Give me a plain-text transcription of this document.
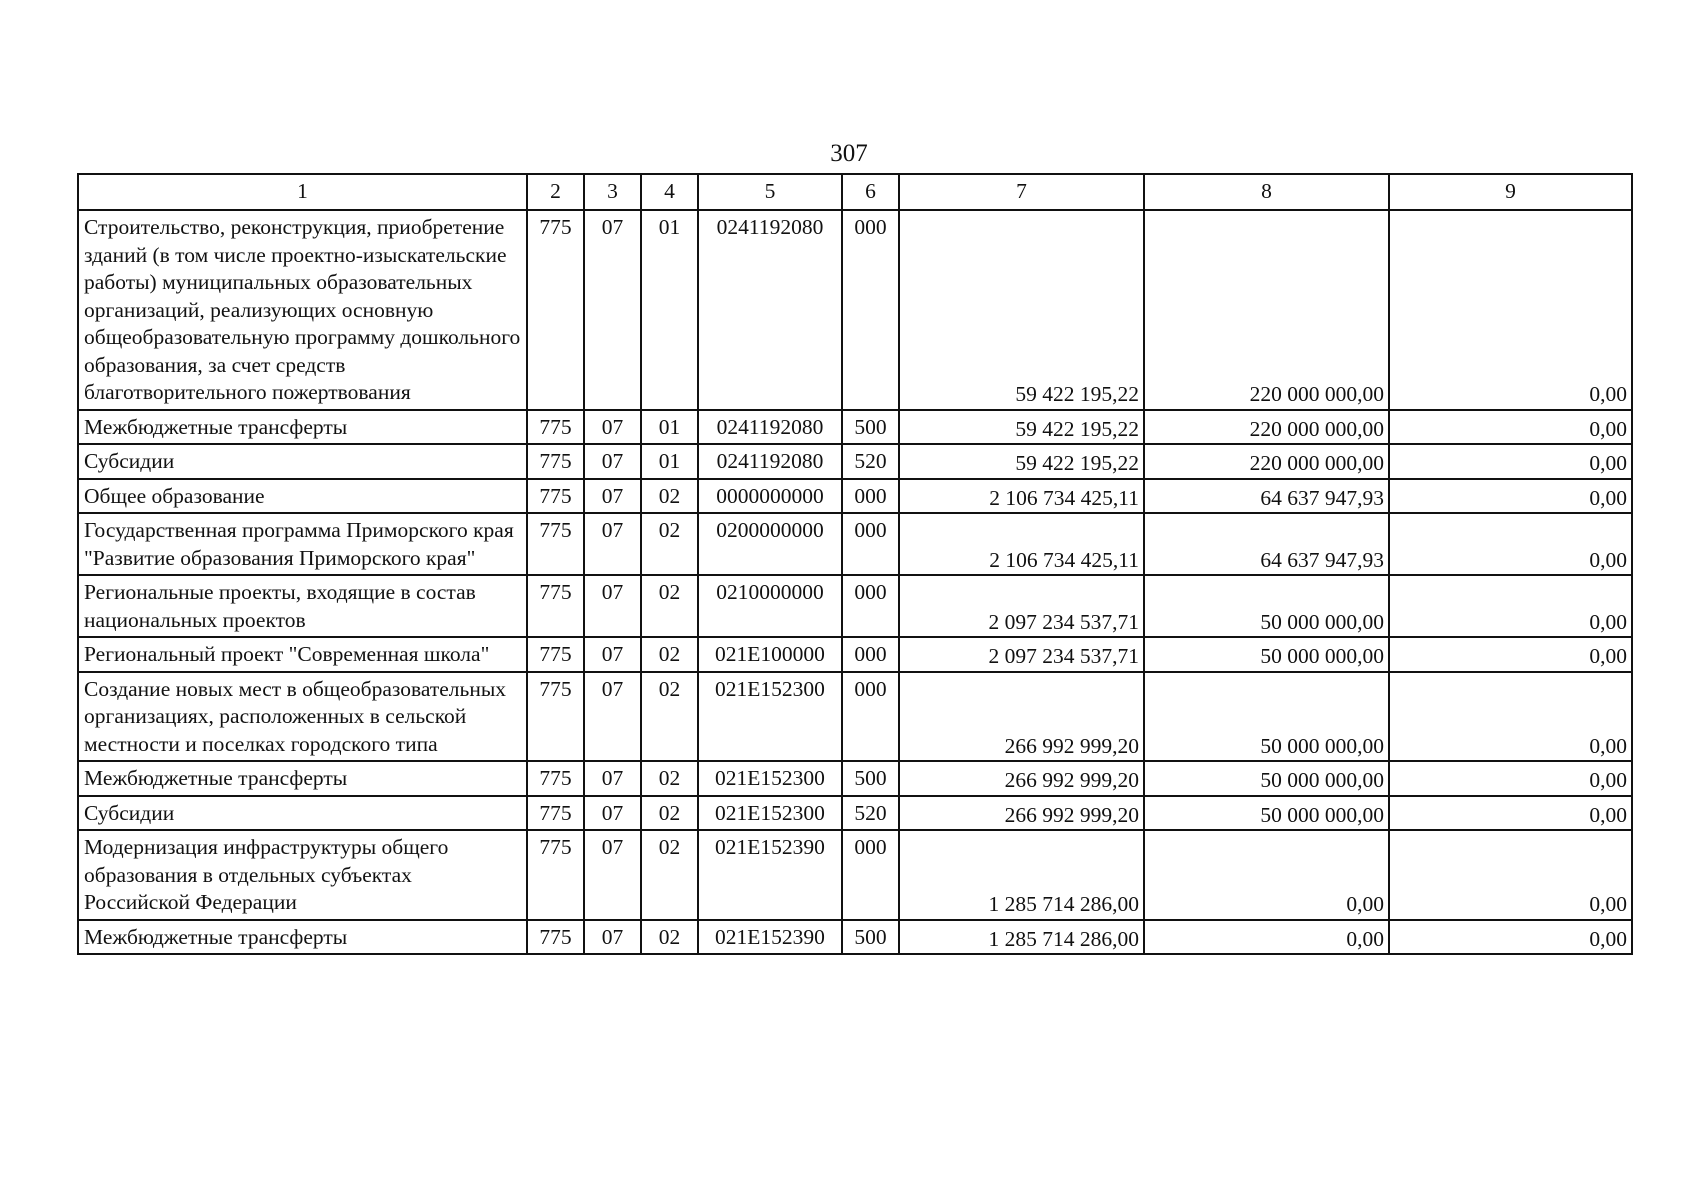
307
1	2	3	4	5	6	7	8	9
Строительство, реконструкция, приобретение зданий (в том числе проектно-изыскательские работы) муниципальных образовательных организаций, реализующих основную общеобразовательную программу дошкольного образования, за счет средств благотворительного пожертвования	775	07	01	0241192080	000	59 422 195,22	220 000 000,00	0,00
Межбюджетные трансферты	775	07	01	0241192080	500	59 422 195,22	220 000 000,00	0,00
Субсидии	775	07	01	0241192080	520	59 422 195,22	220 000 000,00	0,00
Общее образование	775	07	02	0000000000	000	2 106 734 425,11	64 637 947,93	0,00
Государственная программа Приморского края "Развитие образования Приморского края"	775	07	02	0200000000	000	2 106 734 425,11	64 637 947,93	0,00
Региональные проекты, входящие в состав национальных проектов	775	07	02	0210000000	000	2 097 234 537,71	50 000 000,00	0,00
Региональный проект "Современная школа"	775	07	02	021Е100000	000	2 097 234 537,71	50 000 000,00	0,00
Создание новых мест в общеобразовательных организациях, расположенных в сельской местности и поселках городского типа	775	07	02	021Е152300	000	266 992 999,20	50 000 000,00	0,00
Межбюджетные трансферты	775	07	02	021Е152300	500	266 992 999,20	50 000 000,00	0,00
Субсидии	775	07	02	021Е152300	520	266 992 999,20	50 000 000,00	0,00
Модернизация инфраструктуры общего образования в отдельных субъектах Российской Федерации	775	07	02	021Е152390	000	1 285 714 286,00	0,00	0,00
Межбюджетные трансферты	775	07	02	021Е152390	500	1 285 714 286,00	0,00	0,00
